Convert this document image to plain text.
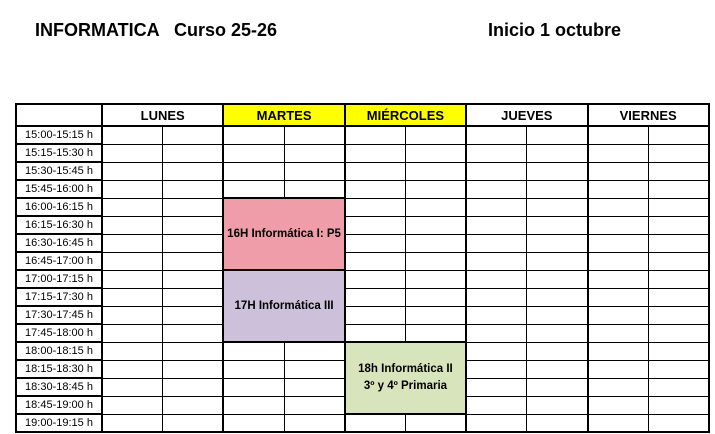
INFORMATICA   Curso 25-26	Inicio 1 octubre
	LUNES		MARTES		MIÉRCOLES		JUEVES		VIERNES	
15:00-15:15 h										
15:15-15:30 h										
15:30-15:45 h										
15:45-16:00 h										
16:00-16:15 h			16H Informática I: P5							

16:15-16:30 h										
16:30-16:45 h										
16:45-17:00 h										
17:00-17:15 h			17H Informática III							

17:15-17:30 h										
17:30-17:45 h										
17:45-18:00 h										
18:00-18:15 h					18h Informática II
3º y 4º Primaria					

18:15-18:30 h										
18:30-18:45 h										
18:45-19:00 h										
19:00-19:15 h										
